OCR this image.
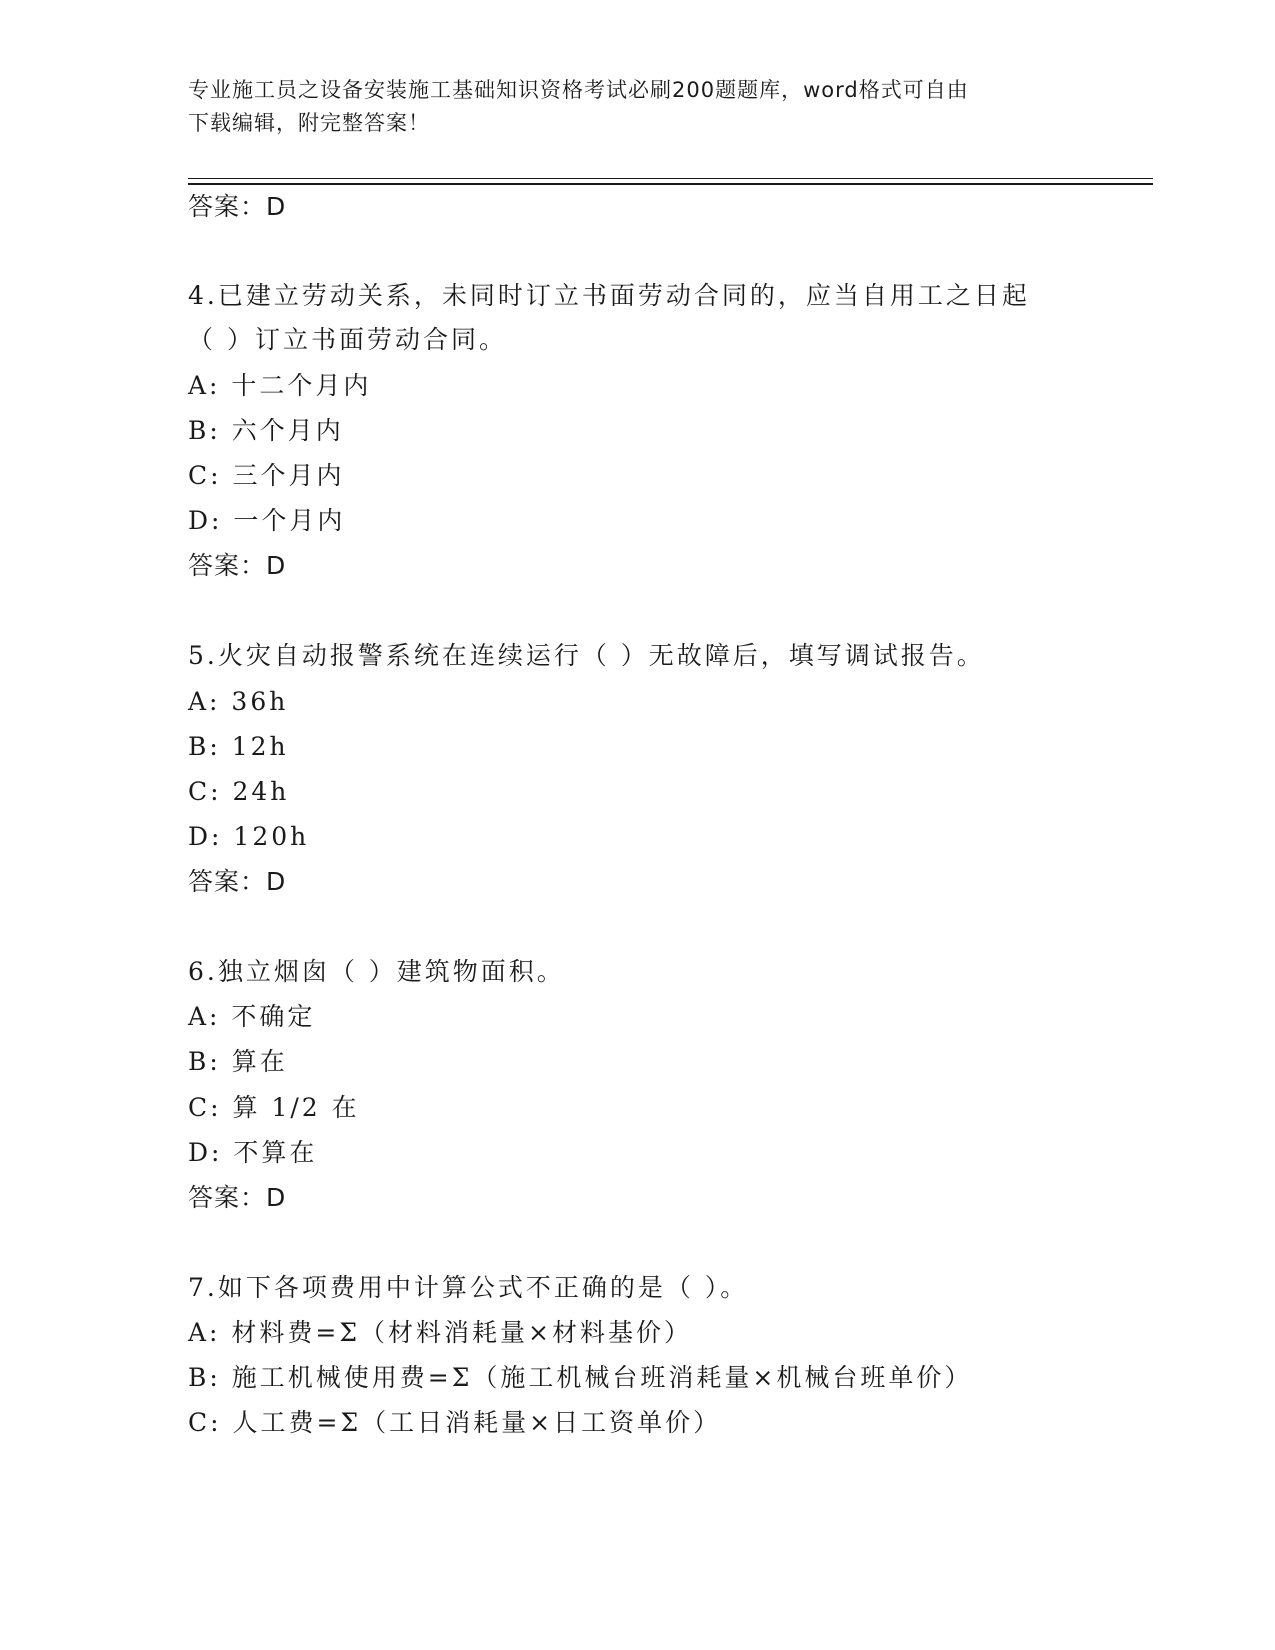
专业施工员之设备安装施工基础知识资格考试必刷200题题库，word格式可自由
下载编辑，附完整答案！
答案：D
4.已建立劳动关系，未同时订立书面劳动合同的，应当自用工之日起
（ ）订立书面劳动合同。
A: 十二个月内
B: 六个月内
C: 三个月内
D: 一个月内
答案：D
5.火灾自动报警系统在连续运行（ ）无故障后，填写调试报告。
A: 36h
B: 12h
C: 24h
D: 120h
答案：D
6.独立烟囱（ ）建筑物面积。
A: 不确定
B: 算在
C: 算 1/2 在
D: 不算在
答案：D
7.如下各项费用中计算公式不正确的是（ ）。
A: 材料费=Σ（材料消耗量×材料基价）
B: 施工机械使用费=Σ（施工机械台班消耗量×机械台班单价）
C: 人工费=Σ（工日消耗量×日工资单价）
